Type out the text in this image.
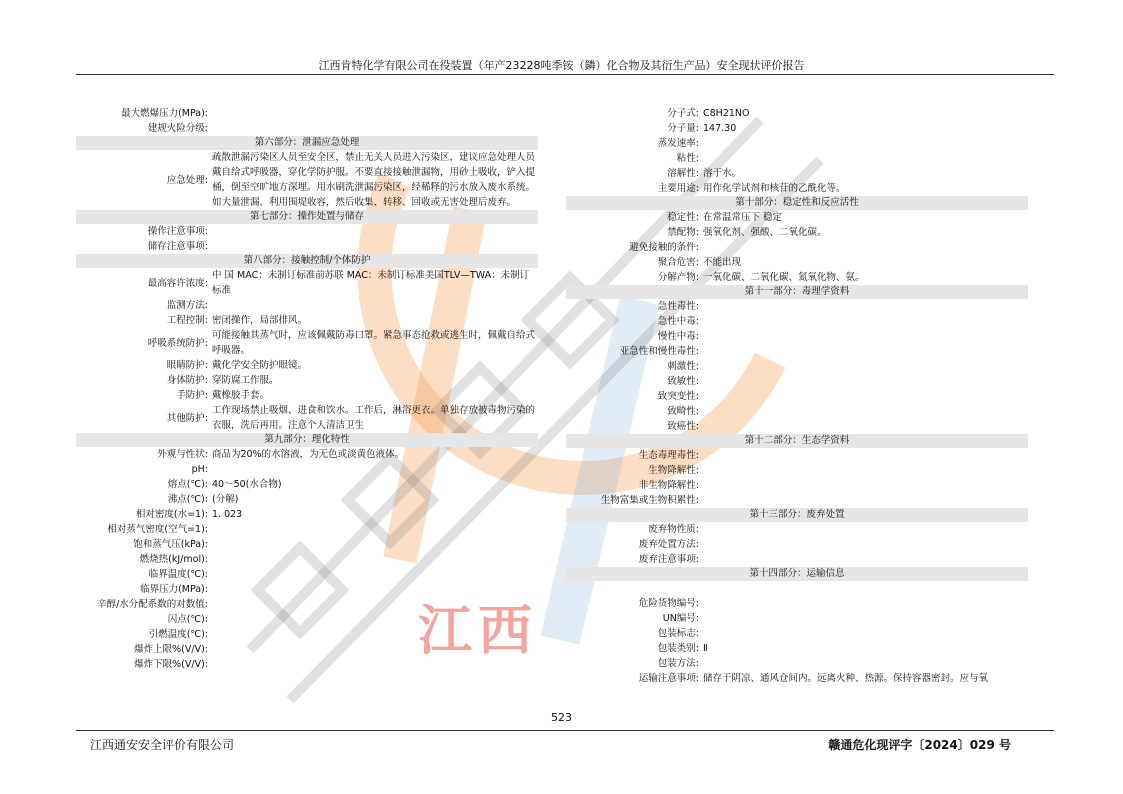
江西
江西肯特化学有限公司在役装置（年产23228吨季铵（鏻）化合物及其衍生产品）安全现状评价报告
最大燃爆压力(MPa):
建规火险分级:
第六部分：泄漏应急处理
应急处理:
疏散泄漏污染区人员至安全区，禁止无关人员进入污染区，建议应急处理人员戴自给式呼吸器，穿化学防护服。不要直接接触泄漏物，用砂土吸收，铲入提桶，倒至空旷地方深埋。用水刷洗泄漏污染区，经稀释的污水放入废水系统。如大量泄漏，利用围堤收容，然后收集、转移、回收或无害处理后废弃。
第七部分：操作处置与储存
操作注意事项:
储存注意事项:
第八部分：接触控制/个体防护
最高容许浓度:
中 国 MAC：未制订标准前苏联 MAC：未制订标准美国TLV—TWA：未制订标准
监测方法:
工程控制: 密闭操作，局部排风。
呼吸系统防护:
可能接触其蒸气时，应该佩戴防毒口罩。紧急事态抢救或逃生时，佩戴自给式呼吸器。
眼睛防护: 戴化学安全防护眼镜。
身体防护: 穿防腐工作服。
手防护: 戴橡胶手套。
其他防护:
工作现场禁止吸烟、进食和饮水。工作后，淋浴更衣。单独存放被毒物污染的衣服，洗后再用。注意个人清洁卫生
第九部分：理化特性
外观与性状: 商品为20%的水溶液，为无色或淡黄色液体。
pH:
熔点(℃): 40～50(水合物)
沸点(℃): (分解)
相对密度(水=1): 1. 023
相对蒸气密度(空气=1):
饱和蒸气压(kPa):
燃烧热(kJ/mol):
临界温度(℃):
临界压力(MPa):
辛醇/水分配系数的对数值:
闪点(℃):
引燃温度(℃):
爆炸上限%(V/V):
爆炸下限%(V/V):
分子式: C8H21NO
分子量: 147.30
蒸发速率:
粘性:
溶解性: 溶于水。
主要用途: 用作化学试剂和核苷的乙酰化等。
第十部分：稳定性和反应活性
稳定性: 在常温常压下 稳定
禁配物: 强氧化剂、强酸、二氧化碳。
避免接触的条件:
聚合危害: 不能出现
分解产物: 一氧化碳、二氧化碳、氮氧化物、氨。
第十一部分：毒理学资料
急性毒性:
急性中毒:
慢性中毒:
亚急性和慢性毒性:
刺激性:
致敏性:
致突变性:
致畸性:
致癌性:
第十二部分：生态学资料
生态毒理毒性:
生物降解性:
非生物降解性:
生物富集或生物积累性:
第十三部分：废弃处置
废弃物性质:
废弃处置方法:
废弃注意事项:
第十四部分：运输信息
危险货物编号:
UN编号:
包装标志:
包装类别: Ⅱ
包装方法:
运输注意事项: 储存于阴凉、通风仓间内。远离火种、热源。保持容器密封。应与氧
523
江西通安安全评价有限公司	赣通危化现评字〔2024〕029 号
